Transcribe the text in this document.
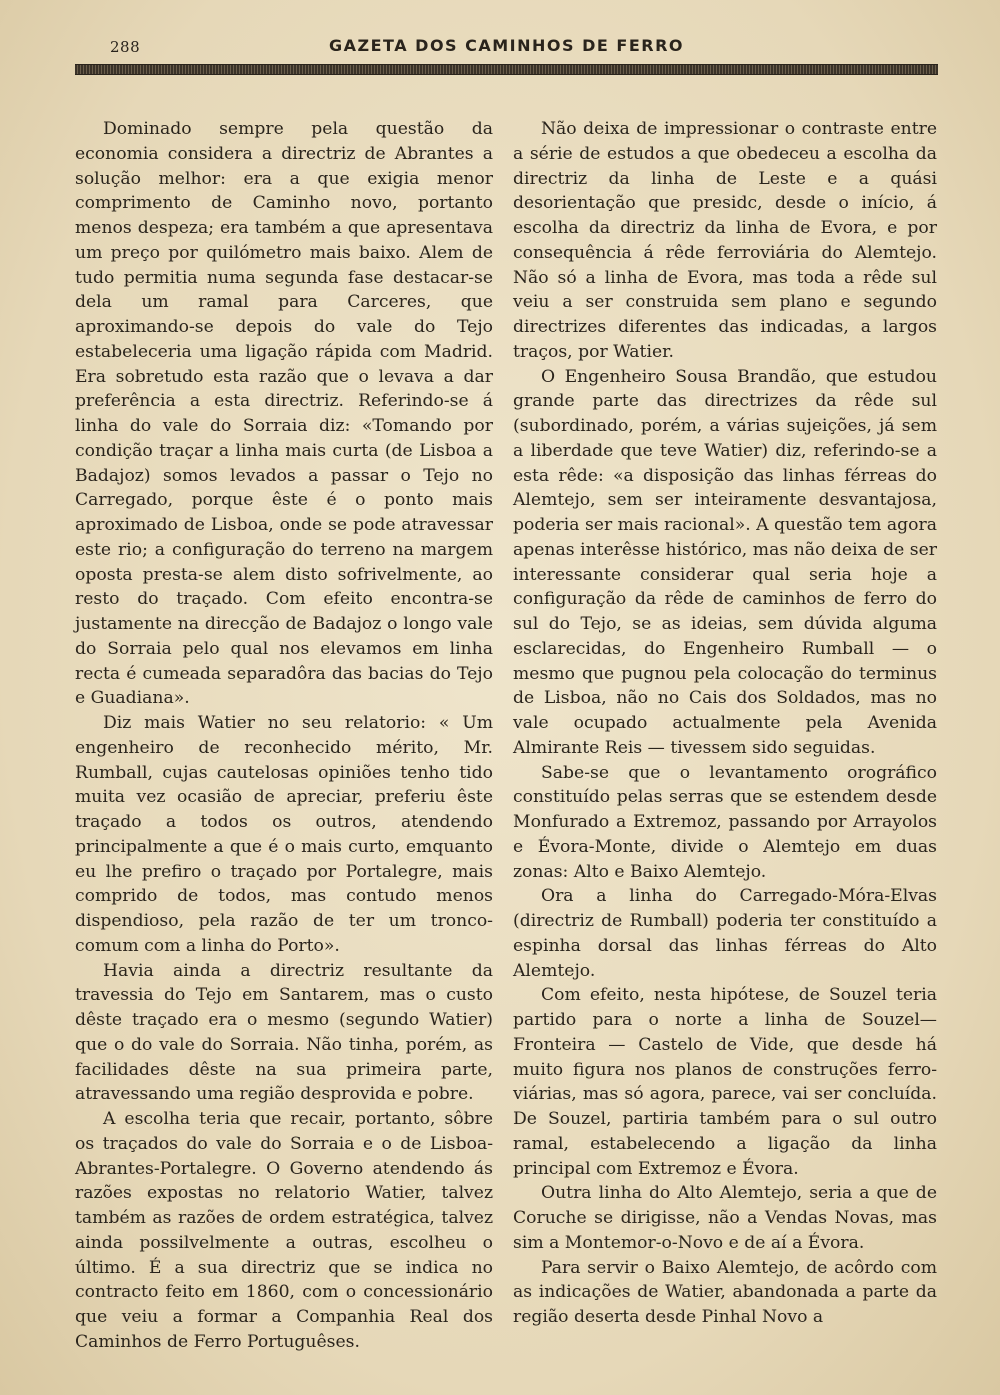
288	GAZETA DOS CAMINHOS DE FERRO

Dominado sempre pela questão da economia considera a directriz de Abrantes a solução melhor: era a que exigia menor comprimento de Caminho novo, portanto menos despeza; era também a que apresentava um preço por quilómetro mais baixo. Alem de tudo permitia numa segunda fase destacar-se dela um ramal para Carceres, que aproximando-se depois do vale do Tejo estabeleceria uma ligação rápida com Madrid. Era sobretudo esta razão que o levava a dar preferência a esta directriz. Referindo-se á linha do vale do Sorraia diz: «Tomando por condição traçar a linha mais curta (de Lisboa a Badajoz) somos levados a passar o Tejo no Carregado, porque êste é o ponto mais aproximado de Lisboa, onde se pode atravessar este rio; a configuração do terreno na margem oposta presta-se alem disto sofrivelmente, ao resto do traçado. Com efeito encontra-se justamente na direcção de Badajoz o longo vale do Sorraia pelo qual nos elevamos em linha recta é cumeada separadôra das bacias do Tejo e Guadiana».

Diz mais Watier no seu relatorio: « Um engenheiro de reconhecido mérito, Mr. Rumball, cujas cautelosas opiniões tenho tido muita vez ocasião de apreciar, preferiu êste traçado a todos os outros, atendendo principalmente a que é o mais curto, emquanto eu lhe prefiro o traçado por Portalegre, mais comprido de todos, mas contudo menos dispendioso, pela razão de ter um tronco-comum com a linha do Porto».

Havia ainda a directriz resultante da travessia do Tejo em Santarem, mas o custo dêste traçado era o mesmo (segundo Watier) que o do vale do Sorraia. Não tinha, porém, as facilidades dêste na sua primeira parte, atravessando uma região desprovida e pobre.

A escolha teria que recair, portanto, sôbre os traçados do vale do Sorraia e o de Lisboa-Abrantes-Portalegre. O Governo atendendo ás razões expostas no relatorio Watier, talvez também as razões de ordem estratégica, talvez ainda possilvelmente a outras, escolheu o último. É a sua directriz que se indica no contracto feito em 1860, com o concessionário que veiu a formar a Companhia Real dos Caminhos de Ferro Portuguêses.

Não deixa de impressionar o contraste entre a série de estudos a que obedeceu a escolha da directriz da linha de Leste e a quási desorientação que presidc, desde o início, á escolha da directriz da linha de Evora, e por consequência á rêde ferroviária do Alemtejo. Não só a linha de Evora, mas toda a rêde sul veiu a ser construida sem plano e segundo directrizes diferentes das indicadas, a largos traços, por Watier.

O Engenheiro Sousa Brandão, que estudou grande parte das directrizes da rêde sul (subordinado, porém, a várias sujeições, já sem a liberdade que teve Watier) diz, referindo-se a esta rêde: «a disposição das linhas férreas do Alemtejo, sem ser inteiramente desvantajosa, poderia ser mais racional». A questão tem agora apenas interêsse histórico, mas não deixa de ser interessante considerar qual seria hoje a configuração da rêde de caminhos de ferro do sul do Tejo, se as ideias, sem dúvida alguma esclarecidas, do Engenheiro Rumball — o mesmo que pugnou pela colocação do terminus de Lisboa, não no Cais dos Soldados, mas no vale ocupado actualmente pela Avenida Almirante Reis — tivessem sido seguidas.

Sabe-se que o levantamento orográfico constituído pelas serras que se estendem desde Monfurado a Extremoz, passando por Arrayolos e Évora-Monte, divide o Alemtejo em duas zonas: Alto e Baixo Alemtejo.

Ora a linha do Carregado-Móra-Elvas (directriz de Rumball) poderia ter constituído a espinha dorsal das linhas férreas do Alto Alemtejo.

Com efeito, nesta hipótese, de Souzel teria partido para o norte a linha de Souzel—Fronteira — Castelo de Vide, que desde há muito figura nos planos de construções ferro-viárias, mas só agora, parece, vai ser concluída. De Souzel, partiria também para o sul outro ramal, estabelecendo a ligação da linha principal com Extremoz e Évora.

Outra linha do Alto Alemtejo, seria a que de Coruche se dirigisse, não a Vendas Novas, mas sim a Montemor-o-Novo e de aí a Évora.

Para servir o Baixo Alemtejo, de acôrdo com as indicações de Watier, abandonada a parte da região deserta desde Pinhal Novo a
